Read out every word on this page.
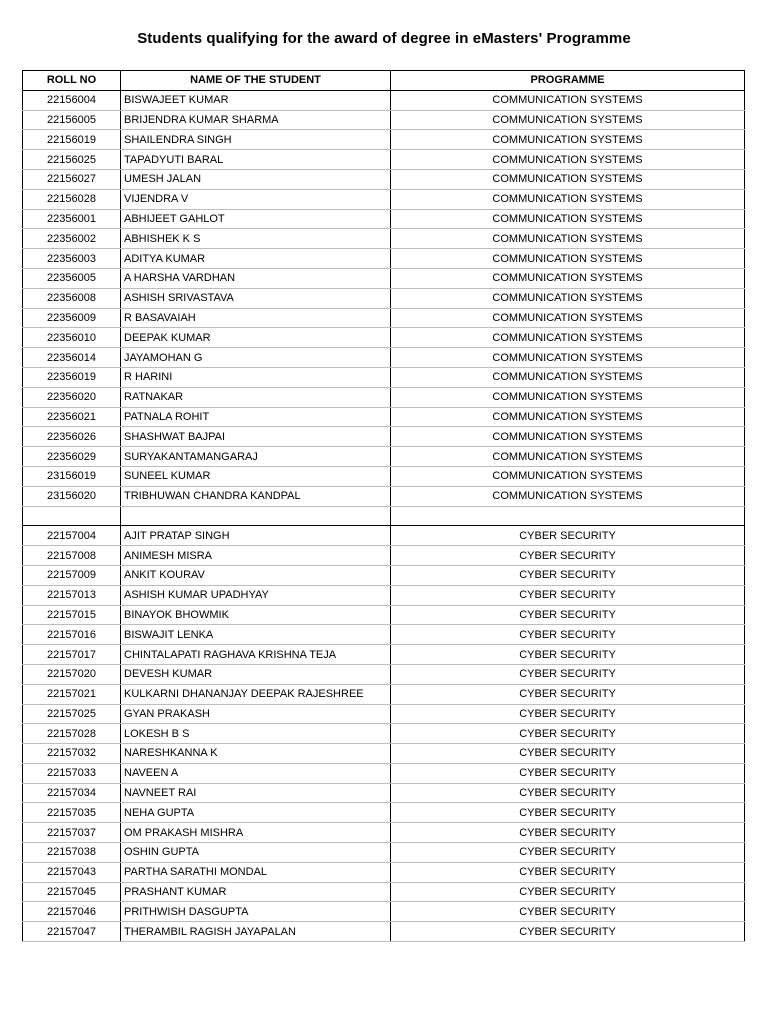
Students qualifying for the award of degree in eMasters' Programme
ROLL NO	NAME OF THE STUDENT	PROGRAMME
22156004	BISWAJEET KUMAR	COMMUNICATION SYSTEMS
22156005	BRIJENDRA KUMAR SHARMA	COMMUNICATION SYSTEMS
22156019	SHAILENDRA SINGH	COMMUNICATION SYSTEMS
22156025	TAPADYUTI BARAL	COMMUNICATION SYSTEMS
22156027	UMESH JALAN	COMMUNICATION SYSTEMS
22156028	VIJENDRA V	COMMUNICATION SYSTEMS
22356001	ABHIJEET GAHLOT	COMMUNICATION SYSTEMS
22356002	ABHISHEK K S	COMMUNICATION SYSTEMS
22356003	ADITYA KUMAR	COMMUNICATION SYSTEMS
22356005	A HARSHA VARDHAN	COMMUNICATION SYSTEMS
22356008	ASHISH SRIVASTAVA	COMMUNICATION SYSTEMS
22356009	R BASAVAIAH	COMMUNICATION SYSTEMS
22356010	DEEPAK KUMAR	COMMUNICATION SYSTEMS
22356014	JAYAMOHAN G	COMMUNICATION SYSTEMS
22356019	R HARINI	COMMUNICATION SYSTEMS
22356020	RATNAKAR	COMMUNICATION SYSTEMS
22356021	PATNALA ROHIT	COMMUNICATION SYSTEMS
22356026	SHASHWAT BAJPAI	COMMUNICATION SYSTEMS
22356029	SURYAKANTAMANGARAJ	COMMUNICATION SYSTEMS
23156019	SUNEEL KUMAR	COMMUNICATION SYSTEMS
23156020	TRIBHUWAN CHANDRA KANDPAL	COMMUNICATION SYSTEMS

22157004	AJIT PRATAP SINGH	CYBER SECURITY
22157008	ANIMESH MISRA	CYBER SECURITY
22157009	ANKIT KOURAV	CYBER SECURITY
22157013	ASHISH KUMAR UPADHYAY	CYBER SECURITY
22157015	BINAYOK BHOWMIK	CYBER SECURITY
22157016	BISWAJIT LENKA	CYBER SECURITY
22157017	CHINTALAPATI RAGHAVA KRISHNA TEJA	CYBER SECURITY
22157020	DEVESH KUMAR	CYBER SECURITY
22157021	KULKARNI DHANANJAY DEEPAK RAJESHREE	CYBER SECURITY
22157025	GYAN PRAKASH	CYBER SECURITY
22157028	LOKESH B S	CYBER SECURITY
22157032	NARESHKANNA K	CYBER SECURITY
22157033	NAVEEN A	CYBER SECURITY
22157034	NAVNEET RAI	CYBER SECURITY
22157035	NEHA GUPTA	CYBER SECURITY
22157037	OM PRAKASH MISHRA	CYBER SECURITY
22157038	OSHIN GUPTA	CYBER SECURITY
22157043	PARTHA SARATHI MONDAL	CYBER SECURITY
22157045	PRASHANT KUMAR	CYBER SECURITY
22157046	PRITHWISH DASGUPTA	CYBER SECURITY
22157047	THERAMBIL RAGISH JAYAPALAN	CYBER SECURITY
